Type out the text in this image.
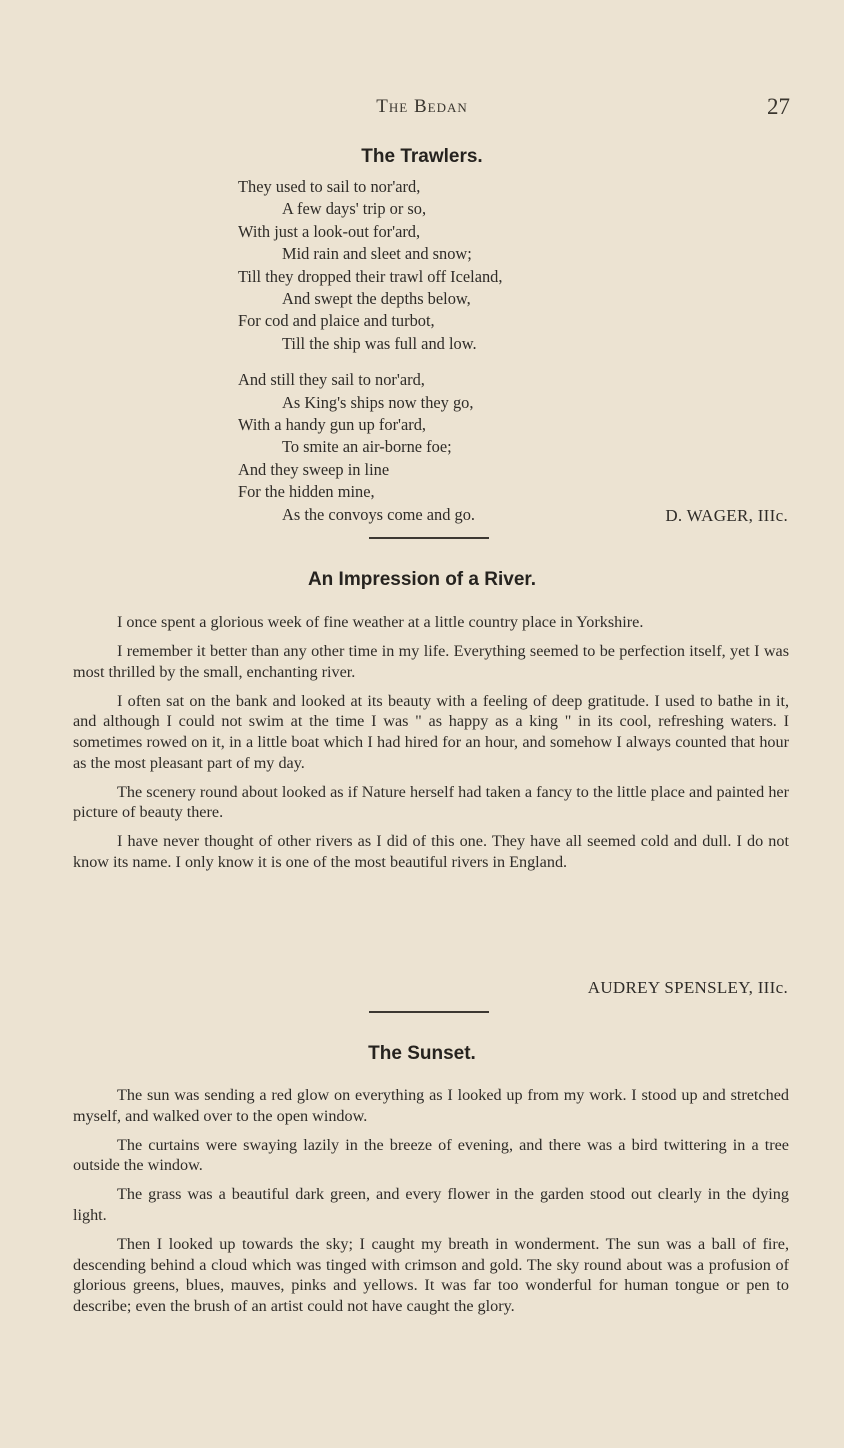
The Bedan	27
The Trawlers.
They used to sail to nor'ard,
A few days' trip or so,
With just a look-out for'ard,
Mid rain and sleet and snow;
Till they dropped their trawl off Iceland,
And swept the depths below,
For cod and plaice and turbot,
Till the ship was full and low.
And still they sail to nor'ard,
As King's ships now they go,
With a handy gun up for'ard,
To smite an air-borne foe;
And they sweep in line
For the hidden mine,
As the convoys come and go.	D. WAGER, IIIc.
An Impression of a River.

I once spent a glorious week of fine weather at a little country place in Yorkshire.

I remember it better than any other time in my life. Everything seemed to be perfection itself, yet I was most thrilled by the small, enchanting river.

I often sat on the bank and looked at its beauty with a feeling of deep gratitude. I used to bathe in it, and although I could not swim at the time I was " as happy as a king " in its cool, refreshing waters. I sometimes rowed on it, in a little boat which I had hired for an hour, and somehow I always counted that hour as the most pleasant part of my day.

The scenery round about looked as if Nature herself had taken a fancy to the little place and painted her picture of beauty there.

I have never thought of other rivers as I did of this one. They have all seemed cold and dull. I do not know its name. I only know it is one of the most beautiful rivers in England.

AUDREY SPENSLEY, IIIc.
The Sunset.

The sun was sending a red glow on everything as I looked up from my work. I stood up and stretched myself, and walked over to the open window.

The curtains were swaying lazily in the breeze of evening, and there was a bird twittering in a tree outside the window.

The grass was a beautiful dark green, and every flower in the garden stood out clearly in the dying light.

Then I looked up towards the sky; I caught my breath in wonderment. The sun was a ball of fire, descending behind a cloud which was tinged with crimson and gold. The sky round about was a profusion of glorious greens, blues, mauves, pinks and yellows. It was far too wonderful for human tongue or pen to describe; even the brush of an artist could not have caught the glory.
